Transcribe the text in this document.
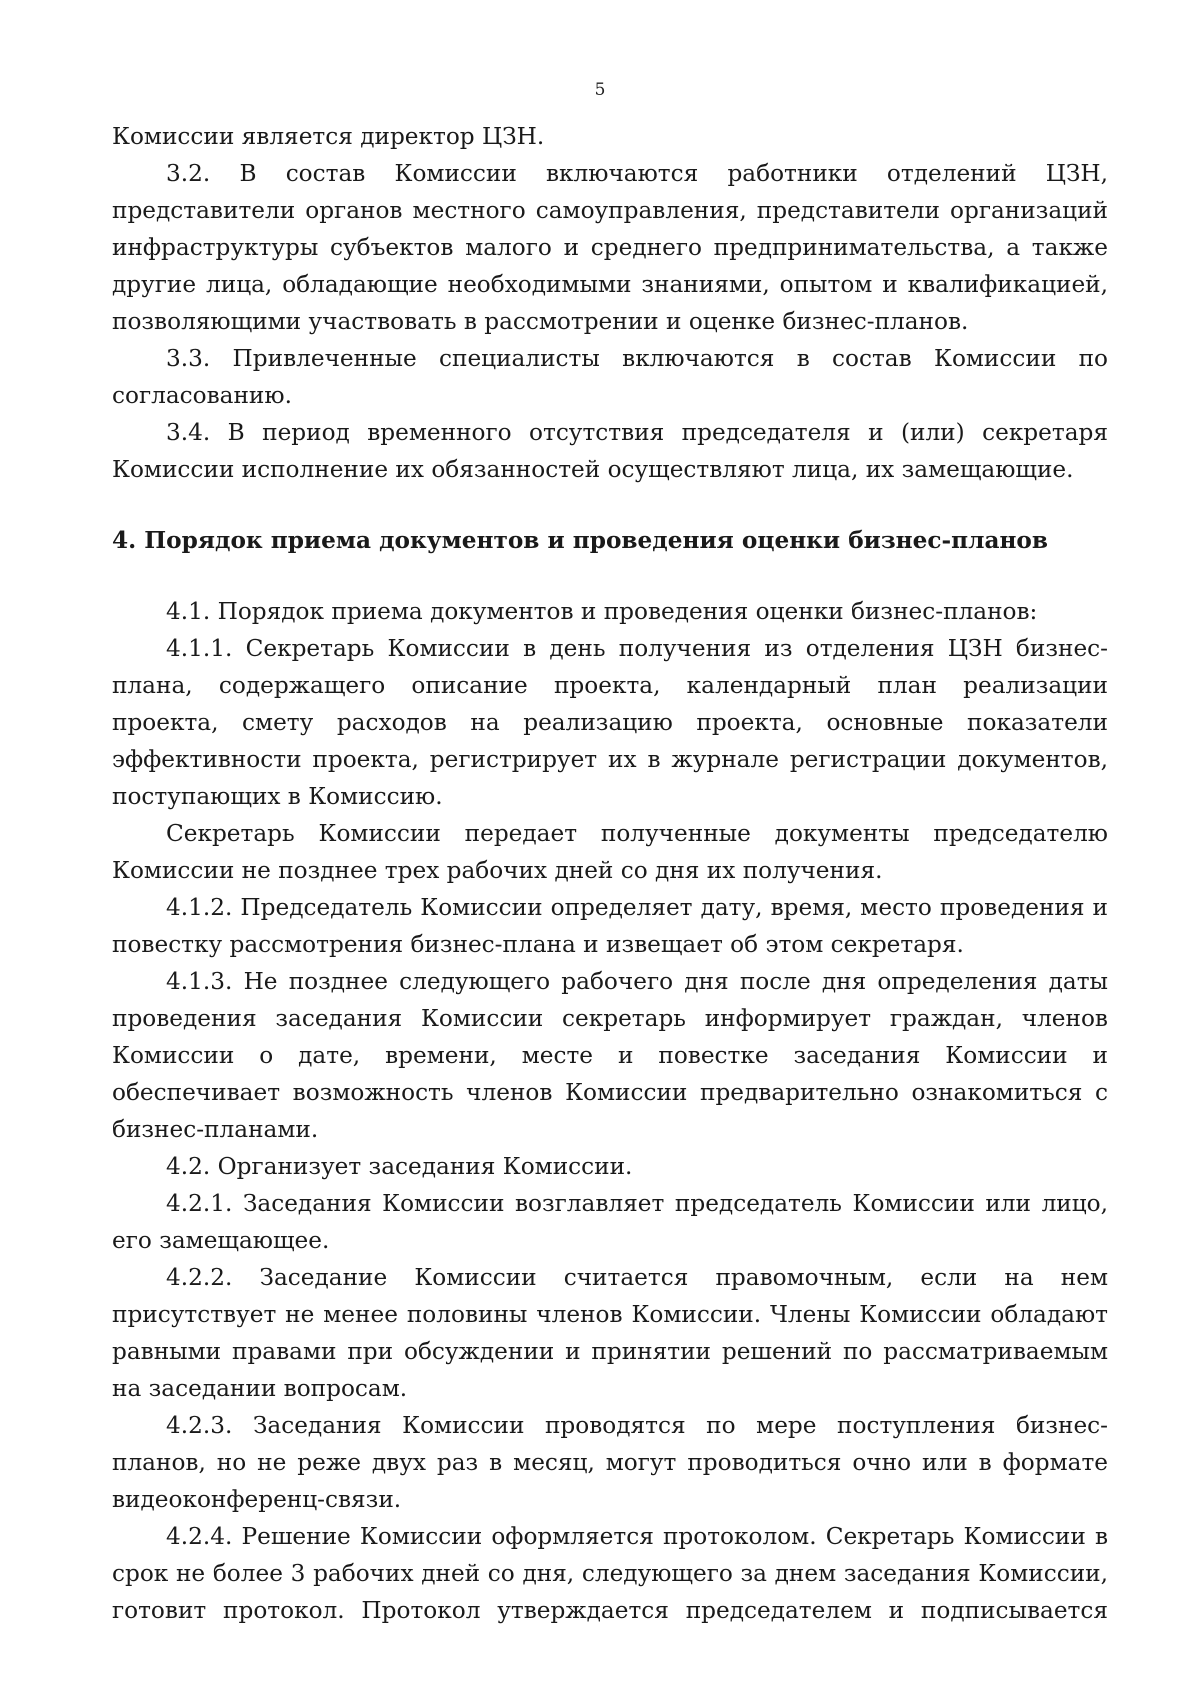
5

Комиссии является директор ЦЗН.

3.2. В состав Комиссии включаются работники отделений ЦЗН, представители органов местного самоуправления, представители организаций инфраструктуры субъектов малого и среднего предпринимательства, а также другие лица, обладающие необходимыми знаниями, опытом и квалификацией, позволяющими участвовать в рассмотрении и оценке бизнес-планов.

3.3. Привлеченные специалисты включаются в состав Комиссии по согласованию.

3.4. В период временного отсутствия председателя и (или) секретаря Комиссии исполнение их обязанностей осуществляют лица, их замещающие.

4. Порядок приема документов и проведения оценки бизнес-планов

4.1. Порядок приема документов и проведения оценки бизнес-планов:

4.1.1. Секретарь Комиссии в день получения из отделения ЦЗН бизнес-плана, содержащего описание проекта, календарный план реализации проекта, смету расходов на реализацию проекта, основные показатели эффективности проекта, регистрирует их в журнале регистрации документов, поступающих в Комиссию.

Секретарь Комиссии передает полученные документы председателю Комиссии не позднее трех рабочих дней со дня их получения.

4.1.2. Председатель Комиссии определяет дату, время, место проведения и повестку рассмотрения бизнес-плана и извещает об этом секретаря.

4.1.3. Не позднее следующего рабочего дня после дня определения даты проведения заседания Комиссии секретарь информирует граждан, членов Комиссии о дате, времени, месте и повестке заседания Комиссии и обеспечивает возможность членов Комиссии предварительно ознакомиться с бизнес-планами.

4.2. Организует заседания Комиссии.

4.2.1. Заседания Комиссии возглавляет председатель Комиссии или лицо, его замещающее.

4.2.2. Заседание Комиссии считается правомочным, если на нем присутствует не менее половины членов Комиссии. Члены Комиссии обладают равными правами при обсуждении и принятии решений по рассматриваемым на заседании вопросам.

4.2.3. Заседания Комиссии проводятся по мере поступления бизнес-планов, но не реже двух раз в месяц, могут проводиться очно или в формате видеоконференц-связи.

4.2.4. Решение Комиссии оформляется протоколом. Секретарь Комиссии в срок не более 3 рабочих дней со дня, следующего за днем заседания Комиссии, готовит протокол. Протокол утверждается председателем и подписывается
